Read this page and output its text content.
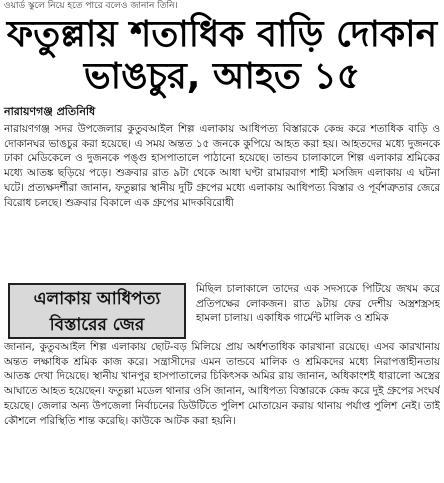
ওয়ার্ড স্কুলে নিয়ে হতে পারে বলেও জানান তিনি।
ফতুল্লায় শতাধিক বাড়ি দোকান
ভাঙচুর, আহত ১৫
নারায়ণগঞ্জ প্রতিনিধি
নারায়ণগঞ্জ সদর উপজেলার কুতুবআইল শিল্প এলাকায় আধিপত্য বিস্তারকে কেন্দ্র করে শতাধিক বাড়ি ও দোকানঘর ভাঙচুর করা হয়েছে। এ সময় অন্তত ১৫ জনকে কুপিয়ে আহত করা হয়। আহতদের মধ্যে দুজনকে ঢাকা মেডিকেলে ও দুজনকে পঙ্গু হাসপাতালে পাঠানো হয়েছে। তান্ডব চালাকালে শিল্প এলাকার শ্রমিকের মধ্যে আতঙ্ক ছড়িয়ে পড়ে। শুক্রবার রাত ৯টা থেকে আধা ঘণ্টা রামারবাগ শাহী মসজিদ এলাকায় এ ঘটনা ঘটে। প্রত্যক্ষদর্শীরা জানান, ফতুল্লার স্থানীয় দুটি গ্রুপের মধ্যে এলাকায় আধিপত্য বিস্তার ও পূর্বশত্রুতার জেরে বিরোধ চলছে। শুক্রবার বিকালে এক গ্রুপের মাদকবিরোধী
এলাকায় আধিপত্য
বিস্তারের জের
মিছিল চালাকালে তাদের এক সদস্যকে পিটিয়ে জখম করে প্রতিপক্ষের লোকজন। রাত ৯টায় ফের দেশীয় অস্ত্রশস্ত্রসহ হামলা চালায়। একাধিক গার্মেন্ট মালিক ও শ্রমিক
জানান, কুতুবআইল শিল্প এলাকায় ছোট-বড় মিলিয়ে প্রায় অর্ধশতাধিক কারখানা রয়েছে। এসব কারখানায় অন্তত লক্ষাধিক শ্রমিক কাজ করে। সন্ত্রাসীদের এমন তান্ডবে মালিক ও শ্রমিকদের মধ্যে নিরাপত্তাহীনতায় আতঙ্ক দেখা দিয়েছে। স্থানীয় খানপুর হাসপাতালের চিকিৎসক অমির রায় জানান, অধিকাংশই ধারালো অস্ত্রের আঘাতে আহত হয়েছেন। ফতুল্লা মডেল থানার ওসি জানান, আধিপত্য বিস্তারকে কেন্দ্র করে দুই গ্রুপের সংঘর্ষ হয়েছে। জেলার অন্য উপজেলা নির্বাচনের ডিউটিতে পুলিশ মোতায়েন করায় থানায় পর্যাপ্ত পুলিশ নেই। তাই কৌশলে পরিস্থিতি শান্ত করেছি। কাউকে আটক করা হয়নি।
